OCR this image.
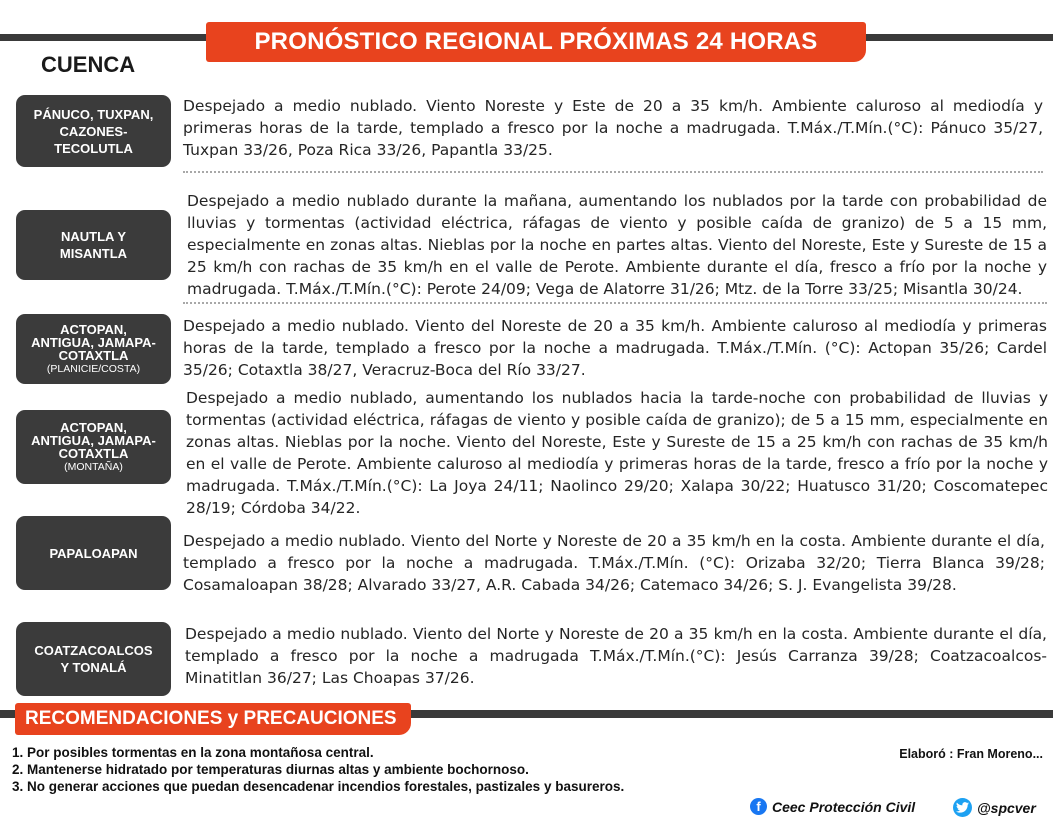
PRONÓSTICO REGIONAL PRÓXIMAS 24 HORAS
CUENCA
PÁNUCO, TUXPAN,
CAZONES-
TECOLUTLA
Despejado a medio nublado. Viento Noreste y Este de 20 a 35 km/h. Ambiente caluroso al mediodía y primeras horas de la tarde, templado a fresco por la noche a madrugada. T.Máx./T.Mín.(°C): Pánuco 35/27, Tuxpan 33/26, Poza Rica 33/26, Papantla 33/25.
NAUTLA Y
MISANTLA
Despejado a medio nublado durante la mañana, aumentando los nublados por la tarde con probabilidad de lluvias y tormentas (actividad eléctrica, ráfagas de viento y posible caída de granizo) de 5 a 15 mm, especialmente en zonas altas. Nieblas por la noche en partes altas. Viento del Noreste, Este y Sureste de 15 a 25 km/h con rachas de 35 km/h en el valle de Perote. Ambiente durante el día, fresco a frío por la noche y madrugada. T.Máx./T.Mín.(°C): Perote 24/09; Vega de Alatorre 31/26; Mtz. de la Torre 33/25; Misantla 30/24.
ACTOPAN,
ANTIGUA, JAMAPA-
COTAXTLA
(PLANICIE/COSTA)
Despejado a medio nublado. Viento del Noreste de 20 a 35 km/h. Ambiente caluroso al mediodía y primeras horas de la tarde, templado a fresco por la noche a madrugada. T.Máx./T.Mín. (°C): Actopan 35/26; Cardel 35/26; Cotaxtla 38/27, Veracruz-Boca del Río 33/27.
ACTOPAN,
ANTIGUA, JAMAPA-
COTAXTLA
(MONTAÑA)
Despejado a medio nublado, aumentando los nublados hacia la tarde-noche con probabilidad de lluvias y tormentas (actividad eléctrica, ráfagas de viento y posible caída de granizo); de 5 a 15 mm, especialmente en zonas altas. Nieblas por la noche. Viento del Noreste, Este y Sureste de 15 a 25 km/h con rachas de 35 km/h en el valle de Perote. Ambiente caluroso al mediodía y primeras horas de la tarde, fresco a frío por la noche y madrugada. T.Máx./T.Mín.(°C): La Joya 24/11; Naolinco 29/20; Xalapa 30/22; Huatusco 31/20; Coscomatepec 28/19; Córdoba 34/22.
PAPALOAPAN
Despejado a medio nublado. Viento del Norte y Noreste de 20 a 35 km/h en la costa. Ambiente durante el día, templado a fresco por la noche a madrugada. T.Máx./T.Mín. (°C): Orizaba 32/20; Tierra Blanca 39/28; Cosamaloapan 38/28; Alvarado 33/27, A.R. Cabada 34/26; Catemaco 34/26; S. J. Evangelista 39/28.
COATZACOALCOS
Y TONALÁ
Despejado a medio nublado. Viento del Norte y Noreste de 20 a 35 km/h en la costa. Ambiente durante el día, templado a fresco por la noche a madrugada T.Máx./T.Mín.(°C): Jesús Carranza 39/28; Coatzacoalcos-Minatitlan 36/27; Las Choapas 37/26.
RECOMENDACIONES y PRECAUCIONES
1. Por posibles tormentas en la zona montañosa central.
2. Mantenerse hidratado por temperaturas diurnas altas y ambiente bochornoso.
3. No generar acciones que puedan desencadenar incendios forestales, pastizales y basureros.
Elaboró : Fran Moreno...
f Ceec Protección Civil	@spcver
